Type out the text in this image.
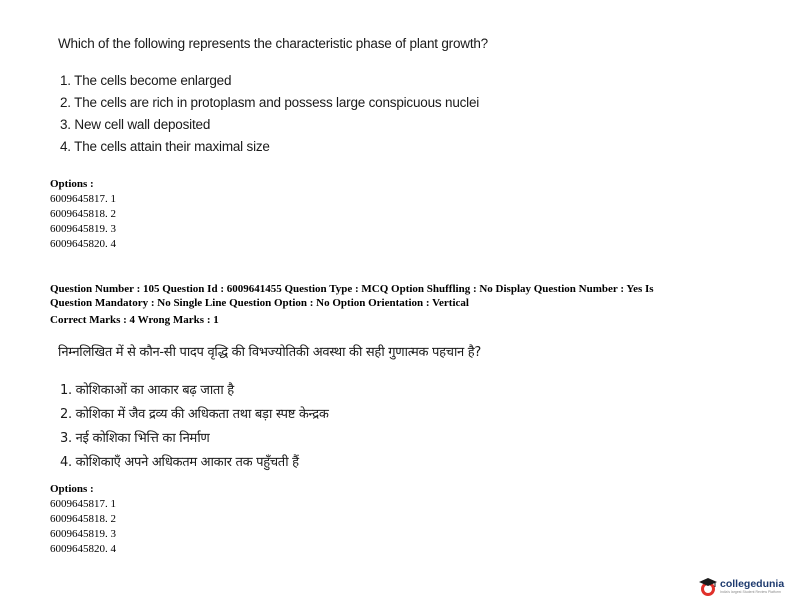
Which of the following represents the characteristic phase of plant growth?
1. The cells become enlarged
2. The cells are rich in protoplasm and possess large conspicuous nuclei
3. New cell wall deposited
4. The cells attain their maximal size
Options :
6009645817. 1
6009645818. 2
6009645819. 3
6009645820. 4
Question Number : 105 Question Id : 6009641455 Question Type : MCQ Option Shuffling : No Display Question Number : Yes Is
Question Mandatory : No Single Line Question Option : No Option Orientation : Vertical
Correct Marks : 4 Wrong Marks : 1
निम्नलिखित में से कौन-सी पादप वृद्धि की विभज्योतिकी अवस्था की सही गुणात्मक पहचान है?
1. कोशिकाओं का आकार बढ़ जाता है
2. कोशिका में जैव द्रव्य की अधिकता तथा बड़ा स्पष्ट केन्द्रक
3. नई कोशिका भित्ति का निर्माण
4. कोशिकाएँ अपने अधिकतम आकार तक पहुँचती हैं
Options :
6009645817. 1
6009645818. 2
6009645819. 3
6009645820. 4
collegedunia
India's largest Student Review Platform
